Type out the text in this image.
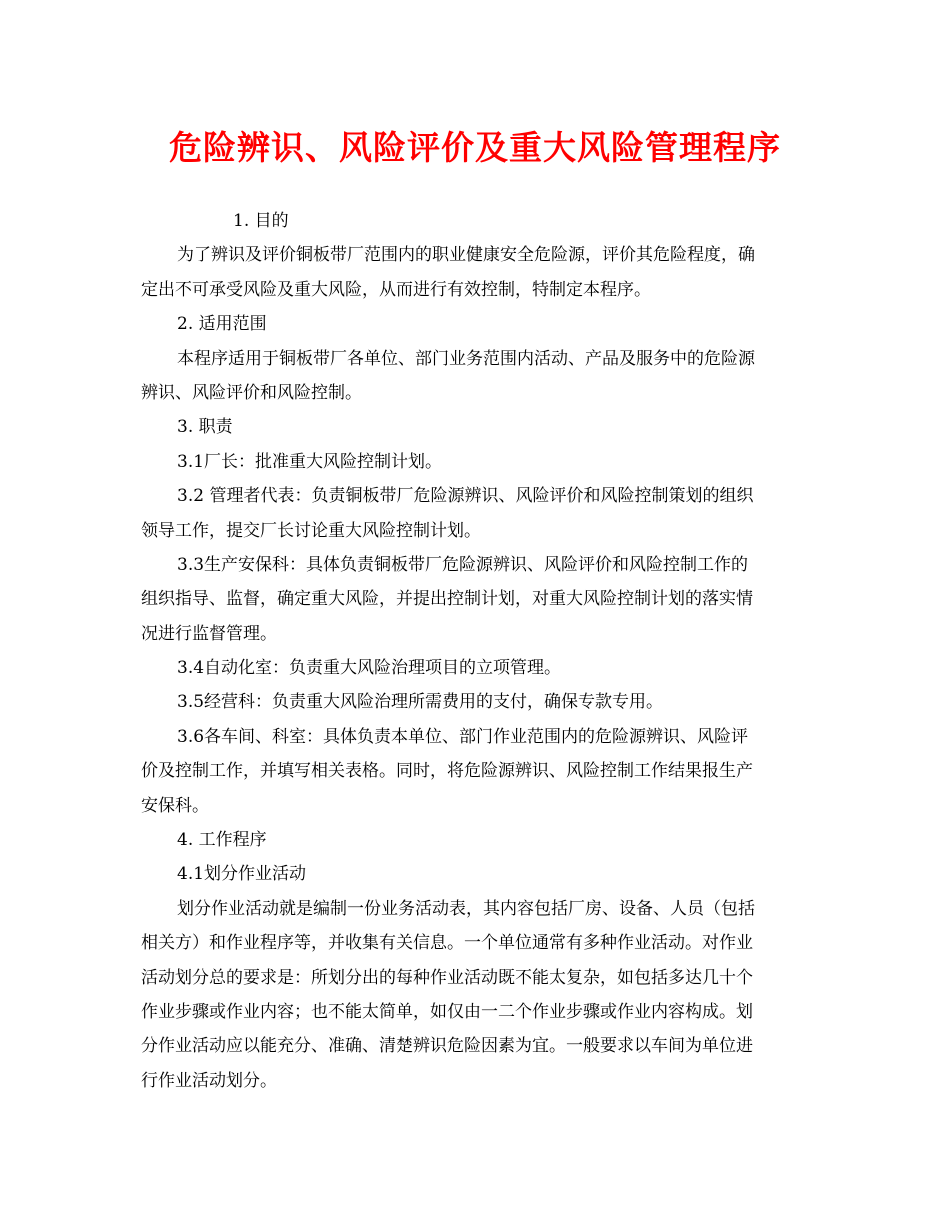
危险辨识、风险评价及重大风险管理程序
1. 目的
为了辨识及评价铜板带厂范围内的职业健康安全危险源，评价其危险程度，确
定出不可承受风险及重大风险，从而进行有效控制，特制定本程序。
2. 适用范围
本程序适用于铜板带厂各单位、部门业务范围内活动、产品及服务中的危险源
辨识、风险评价和风险控制。
3. 职责
3.1厂长：批准重大风险控制计划。
3.2 管理者代表：负责铜板带厂危险源辨识、风险评价和风险控制策划的组织
领导工作，提交厂长讨论重大风险控制计划。
3.3生产安保科：具体负责铜板带厂危险源辨识、风险评价和风险控制工作的
组织指导、监督，确定重大风险，并提出控制计划，对重大风险控制计划的落实情
况进行监督管理。
3.4自动化室：负责重大风险治理项目的立项管理。
3.5经营科：负责重大风险治理所需费用的支付，确保专款专用。
3.6各车间、科室：具体负责本单位、部门作业范围内的危险源辨识、风险评
价及控制工作，并填写相关表格。同时，将危险源辨识、风险控制工作结果报生产
安保科。
4. 工作程序
4.1划分作业活动
划分作业活动就是编制一份业务活动表，其内容包括厂房、设备、人员（包括
相关方）和作业程序等，并收集有关信息。一个单位通常有多种作业活动。对作业
活动划分总的要求是：所划分出的每种作业活动既不能太复杂，如包括多达几十个
作业步骤或作业内容；也不能太简单，如仅由一二个作业步骤或作业内容构成。划
分作业活动应以能充分、准确、清楚辨识危险因素为宜。一般要求以车间为单位进
行作业活动划分。
